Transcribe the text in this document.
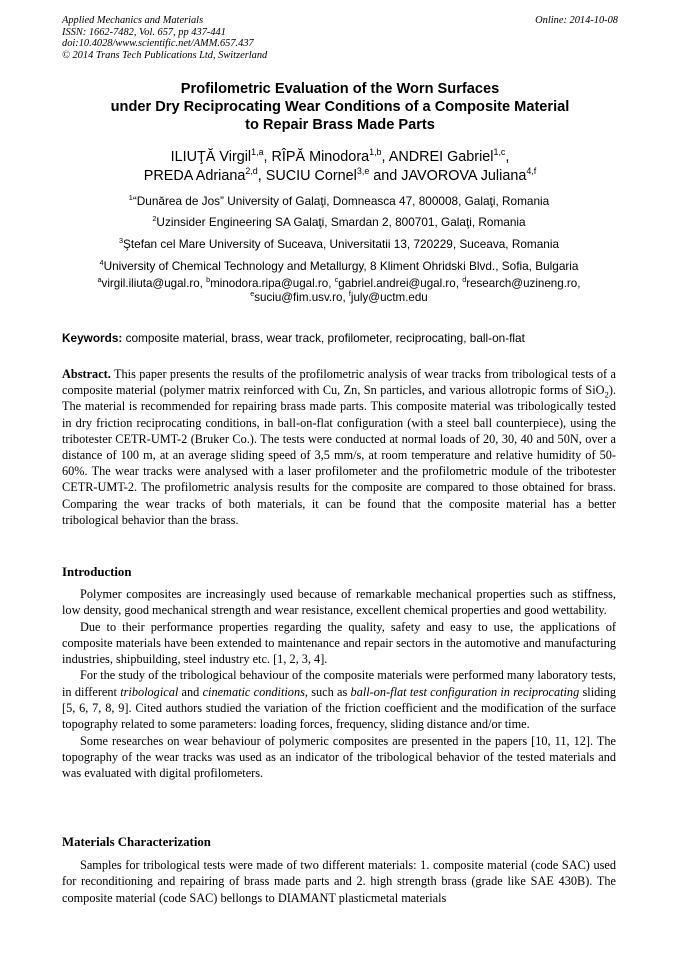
Applied Mechanics and Materials
ISSN: 1662-7482, Vol. 657, pp 437-441
doi:10.4028/www.scientific.net/AMM.657.437
© 2014 Trans Tech Publications Ltd, Switzerland
Online: 2014-10-08
Profilometric Evaluation of the Worn Surfaces
under Dry Reciprocating Wear Conditions of a Composite Material
to Repair Brass Made Parts
ILIUŢĂ Virgil$^{1,a}$, RÎPĂ Minodora$^{1,b}$, ANDREI Gabriel$^{1,c}$,
PREDA Adriana$^{2,d}$, SUCIU Cornel$^{3,e}$ and JAVOROVA Juliana$^{4,f}$
$^1$“Dunărea de Jos” University of Galaţi, Domneasca 47, 800008, Galaţi, Romania
$^2$Uzinsider Engineering SA Galaţi, Smardan 2, 800701, Galaţi, Romania
$^3$Ştefan cel Mare University of Suceava, Universitatii 13, 720229, Suceava, Romania
$^4$University of Chemical Technology and Metallurgy, 8 Kliment Ohridski Blvd., Sofia, Bulgaria
$^a$virgil.iliuta@ugal.ro, $^b$minodora.ripa@ugal.ro, $^c$gabriel.andrei@ugal.ro, $^d$research@uzineng.ro,
$^e$suciu@fim.usv.ro, $^f$july@uctm.edu
Keywords: composite material, brass, wear track, profilometer, reciprocating, ball-on-flat
Abstract. This paper presents the results of the profilometric analysis of wear tracks from tribological tests of a composite material (polymer matrix reinforced with Cu, Zn, Sn particles, and various allotropic forms of SiO$_2$). The material is recommended for repairing brass made parts. This composite material was tribologically tested in dry friction reciprocating conditions, in ball-on-flat configuration (with a steel ball counterpiece), using the tribotester CETR-UMT-2 (Bruker Co.). The tests were conducted at normal loads of 20, 30, 40 and 50N, over a distance of 100 m, at an average sliding speed of 3,5 mm/s, at room temperature and relative humidity of 50-60%. The wear tracks were analysed with a laser profilometer and the profilometric module of the tribotester CETR-UMT-2. The profilometric analysis results for the composite are compared to those obtained for brass. Comparing the wear tracks of both materials, it can be found that the composite material has a better tribological behavior than the brass.
Introduction

Polymer composites are increasingly used because of remarkable mechanical properties such as stiffness, low density, good mechanical strength and wear resistance, excellent chemical properties and good wettability.

Due to their performance properties regarding the quality, safety and easy to use, the applications of composite materials have been extended to maintenance and repair sectors in the automotive and manufacturing industries, shipbuilding, steel industry etc. [1, 2, 3, 4].

For the study of the tribological behaviour of the composite materials were performed many laboratory tests, in different tribological and cinematic conditions, such as ball-on-flat test configuration in reciprocating sliding [5, 6, 7, 8, 9]. Cited authors studied the variation of the friction coefficient and the modification of the surface topography related to some parameters: loading forces, frequency, sliding distance and/or time.

Some researches on wear behaviour of polymeric composites are presented in the papers [10, 11, 12]. The topography of the wear tracks was used as an indicator of the tribological behavior of the tested materials and was evaluated with digital profilometers.

Materials Characterization

Samples for tribological tests were made of two different materials: 1. composite material (code SAC) used for reconditioning and repairing of brass made parts and 2. high strength brass (grade like SAE 430B). The composite material (code SAC) bellongs to DIAMANT plasticmetal materials
